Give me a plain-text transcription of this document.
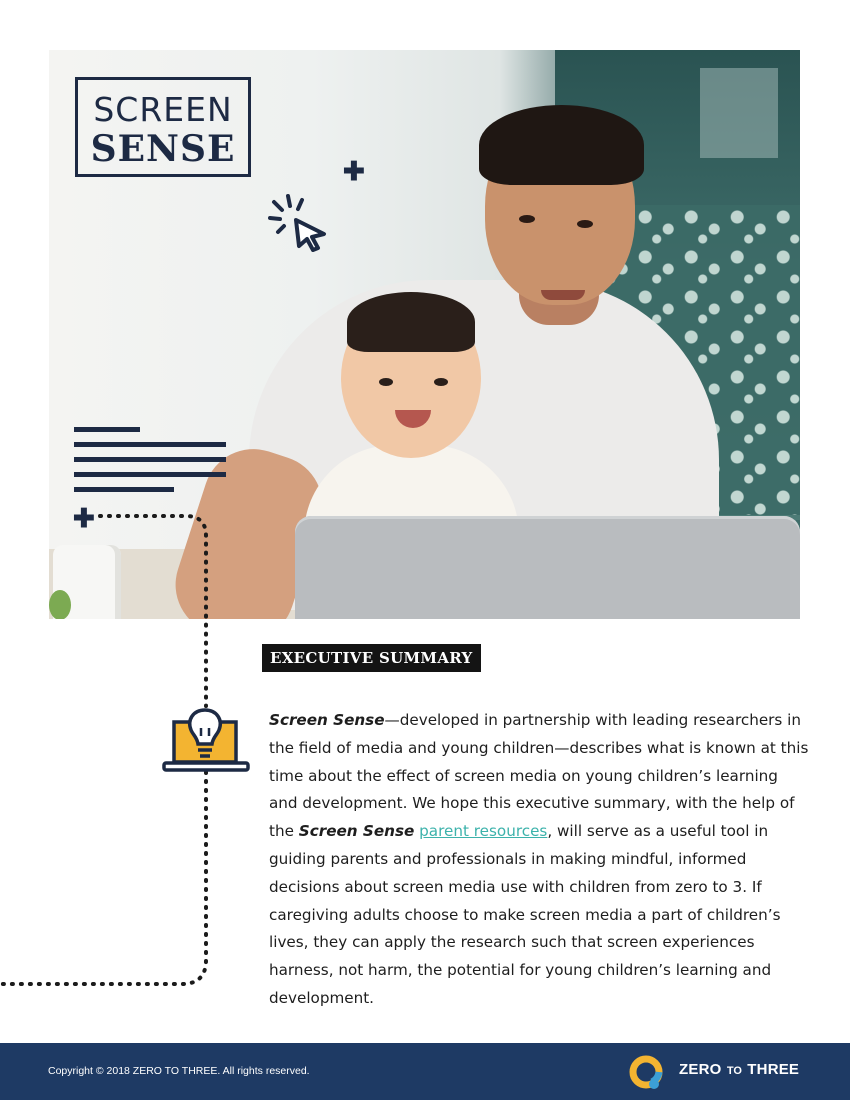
SCREEN
SENSE
✚
✚
EXECUTIVE SUMMARY
Screen Sense—developed in partnership with leading researchers in the field of media and young children—describes what is known at this time about the effect of screen media on young children’s learning and development. We hope this executive summary, with the help of the Screen Sense parent resources, will serve as a useful tool in guiding parents and professionals in making mindful, informed decisions about screen media use with children from zero to 3. If caregiving adults choose to make screen media a part of children’s lives, they can apply the research such that screen experiences harness, not harm, the potential for young children’s learning and development.
Copyright © 2018 ZERO TO THREE. All rights reserved.	ZERO TO THREE
